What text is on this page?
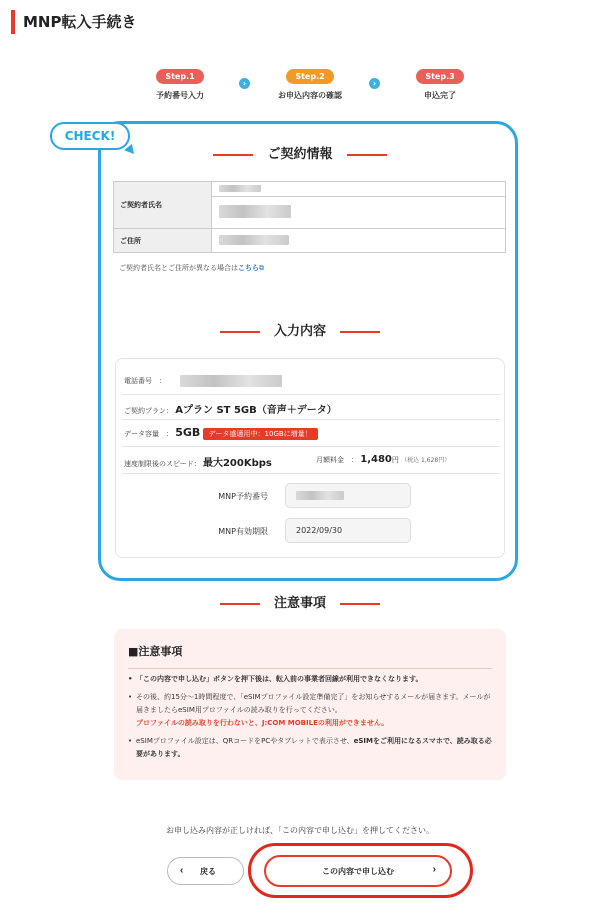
MNP転入手続き
Step.1
予約番号入力
Step.2
お申込内容の確認
Step.3
申込完了
›	›
CHECK!
ご契約情報
ご契約者氏名	

ご住所	
ご契約者氏名とご住所が異なる場合はこちら⧉
入力内容
電話番号　：
ご契約プラン： Aプラン ST 5GB（音声＋データ）
データ容量　： 5GB データ盛適用中：10GBに増量！
速度制限後のスピード： 最大200Kbps	月額料金　： 1,480円 （税込 1,628円）
MNP予約番号
MNP有効期限	2022/09/30
注意事項
■注意事項
• 「この内容で申し込む」ボタンを押下後は、転入前の事業者回線が利用できなくなります。
• その後、約15分〜1時間程度で、「eSIMプロファイル設定準備完了」をお知らせするメールが届きます。メールが届きましたらeSIM用プロファイルの読み取りを行ってください。
プロファイルの読み取りを行わないと、J:COM MOBILEの利用ができません。
• eSIMプロファイル設定は、QRコードをPCやタブレットで表示させ、eSIMをご利用になるスマホで、読み取る必要があります。
お申し込み内容が正しければ、「この内容で申し込む」を押してください。
‹ 戻る	この内容で申し込む	›
